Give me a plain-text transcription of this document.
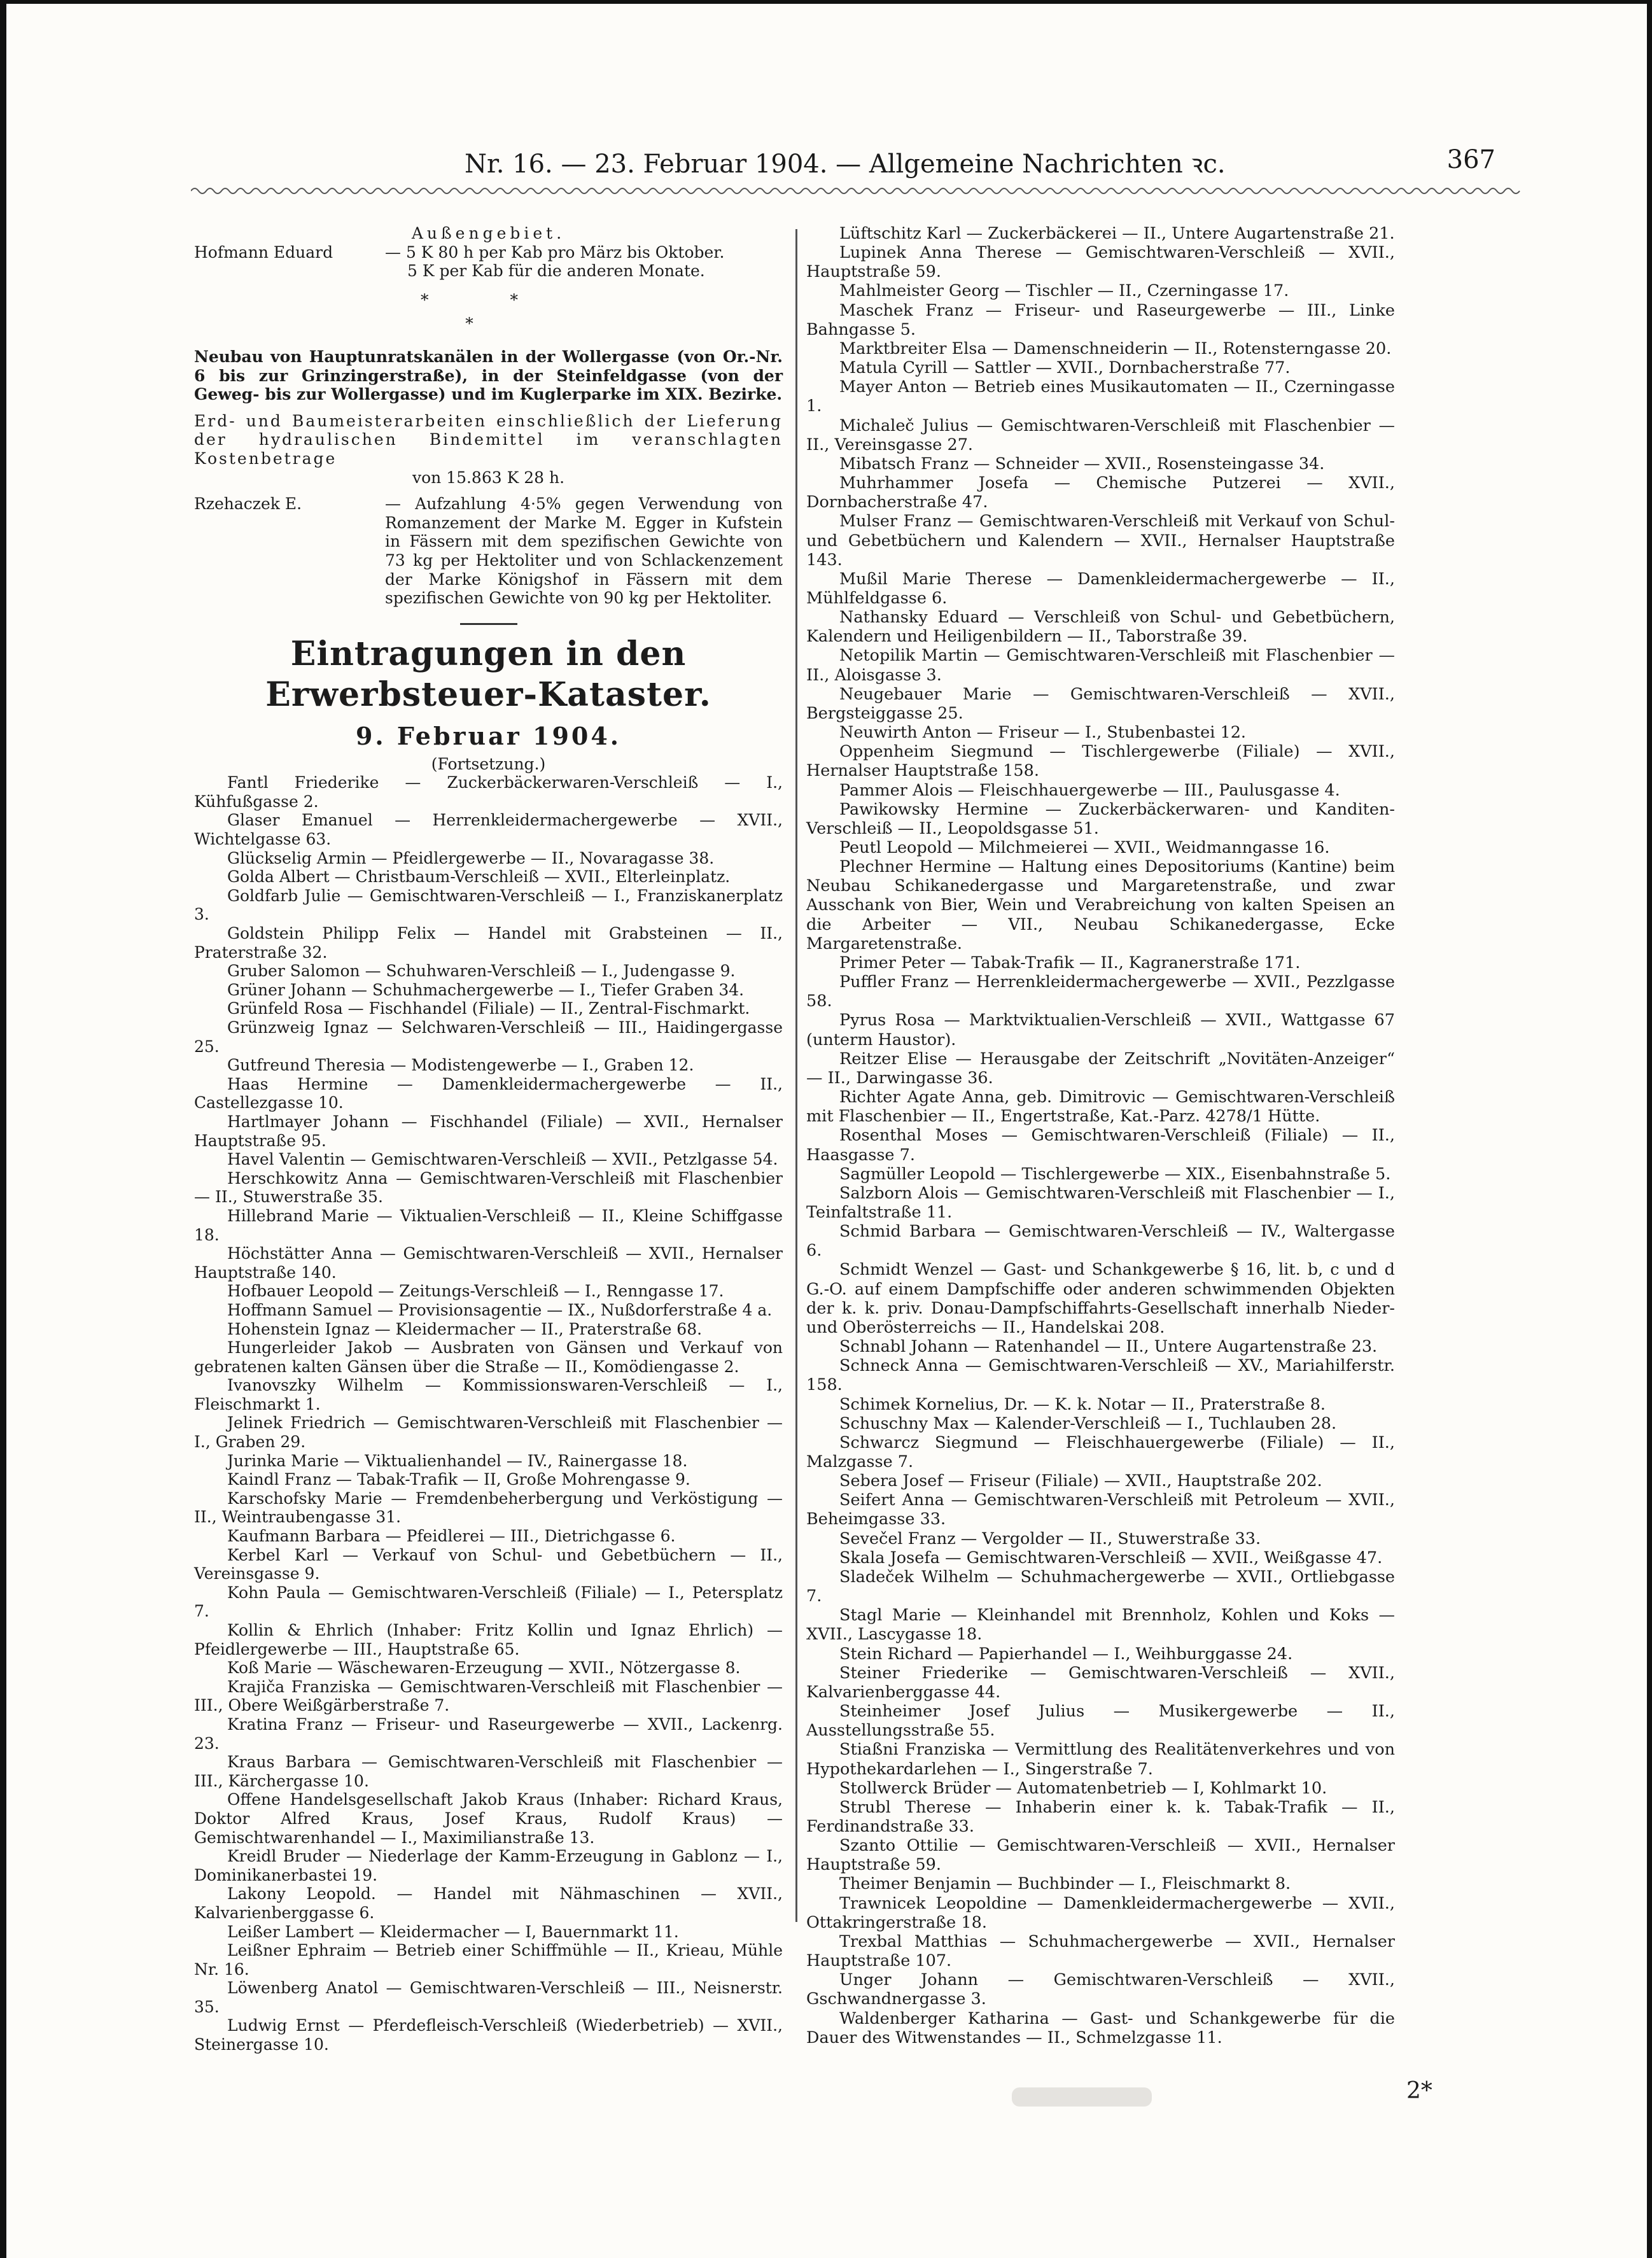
Nr. 16. — 23. Februar 1904. — Allgemeine Nachrichten ꝛc.	367
Außengebiet.
Hofmann Eduard	— 5 K 80 h per Kab pro März bis Oktober.
5 K per Kab für die anderen Monate.
* *
*
Neubau von Hauptunratskanälen in der Wollergasse (von Or.-Nr. 6 bis zur Grinzingerstraße), in der Steinfeldgasse (von der Geweg- bis zur Wollergasse) und im Kuglerparke im XIX. Bezirke.
Erd- und Baumeisterarbeiten einschließlich der Lieferung der hydraulischen Bindemittel im veranschlagten Kostenbetrage
von 15.863 K 28 h.
Rzehaczek E.	— Aufzahlung 4·5% gegen Verwendung von Romanzement der Marke M. Egger in Kufstein in Fässern mit dem spezifischen Gewichte von 73 kg per Hektoliter und von Schlackenzement der Marke Königshof in Fässern mit dem spezifischen Gewichte von 90 kg per Hektoliter.
Eintragungen in den Erwerbsteuer-Kataster.
9. Februar 1904.
(Fortsetzung.)
Fantl Friederike — Zuckerbäckerwaren-Verschleiß — I., Kühfußgasse 2.
Glaser Emanuel — Herrenkleidermachergewerbe — XVII., Wichtelgasse 63.
Glückselig Armin — Pfeidlergewerbe — II., Novaragasse 38.
Golda Albert — Christbaum-Verschleiß — XVII., Elterleinplatz.
Goldfarb Julie — Gemischtwaren-Verschleiß — I., Franziskanerplatz 3.
Goldstein Philipp Felix — Handel mit Grabsteinen — II., Praterstraße 32.
Gruber Salomon — Schuhwaren-Verschleiß — I., Judengasse 9.
Grüner Johann — Schuhmachergewerbe — I., Tiefer Graben 34.
Grünfeld Rosa — Fischhandel (Filiale) — II., Zentral-Fischmarkt.
Grünzweig Ignaz — Selchwaren-Verschleiß — III., Haidingergasse 25.
Gutfreund Theresia — Modistengewerbe — I., Graben 12.
Haas Hermine — Damenkleidermachergewerbe — II., Castellezgasse 10.
Hartlmayer Johann — Fischhandel (Filiale) — XVII., Hernalser Hauptstraße 95.
Havel Valentin — Gemischtwaren-Verschleiß — XVII., Petzlgasse 54.
Herschkowitz Anna — Gemischtwaren-Verschleiß mit Flaschenbier — II., Stuwerstraße 35.
Hillebrand Marie — Viktualien-Verschleiß — II., Kleine Schiffgasse 18.
Höchstätter Anna — Gemischtwaren-Verschleiß — XVII., Hernalser Hauptstraße 140.
Hofbauer Leopold — Zeitungs-Verschleiß — I., Renngasse 17.
Hoffmann Samuel — Provisionsagentie — IX., Nußdorferstraße 4 a.
Hohenstein Ignaz — Kleidermacher — II., Praterstraße 68.
Hungerleider Jakob — Ausbraten von Gänsen und Verkauf von gebratenen kalten Gänsen über die Straße — II., Komödiengasse 2.
Ivanovszky Wilhelm — Kommissionswaren-Verschleiß — I., Fleischmarkt 1.
Jelinek Friedrich — Gemischtwaren-Verschleiß mit Flaschenbier — I., Graben 29.
Jurinka Marie — Viktualienhandel — IV., Rainergasse 18.
Kaindl Franz — Tabak-Trafik — II, Große Mohrengasse 9.
Karschofsky Marie — Fremdenbeherbergung und Verköstigung — II., Weintraubengasse 31.
Kaufmann Barbara — Pfeidlerei — III., Dietrichgasse 6.
Kerbel Karl — Verkauf von Schul- und Gebetbüchern — II., Vereinsgasse 9.
Kohn Paula — Gemischtwaren-Verschleiß (Filiale) — I., Petersplatz 7.
Kollin & Ehrlich (Inhaber: Fritz Kollin und Ignaz Ehrlich) — Pfeidlergewerbe — III., Hauptstraße 65.
Koß Marie — Wäschewaren-Erzeugung — XVII., Nötzergasse 8.
Krajiča Franziska — Gemischtwaren-Verschleiß mit Flaschenbier — III., Obere Weißgärberstraße 7.
Kratina Franz — Friseur- und Raseurgewerbe — XVII., Lackenrg. 23.
Kraus Barbara — Gemischtwaren-Verschleiß mit Flaschenbier — III., Kärchergasse 10.
Offene Handelsgesellschaft Jakob Kraus (Inhaber: Richard Kraus, Doktor Alfred Kraus, Josef Kraus, Rudolf Kraus) — Gemischtwarenhandel — I., Maximilianstraße 13.
Kreidl Bruder — Niederlage der Kamm-Erzeugung in Gablonz — I., Dominikanerbastei 19.
Lakony Leopold. — Handel mit Nähmaschinen — XVII., Kalvarienberggasse 6.
Leißer Lambert — Kleidermacher — I, Bauernmarkt 11.
Leißner Ephraim — Betrieb einer Schiffmühle — II., Krieau, Mühle Nr. 16.
Löwenberg Anatol — Gemischtwaren-Verschleiß — III., Neisnerstr. 35.
Ludwig Ernst — Pferdefleisch-Verschleiß (Wiederbetrieb) — XVII., Steinergasse 10.
Lüftschitz Karl — Zuckerbäckerei — II., Untere Augartenstraße 21.
Lupinek Anna Therese — Gemischtwaren-Verschleiß — XVII., Hauptstraße 59.
Mahlmeister Georg — Tischler — II., Czerningasse 17.
Maschek Franz — Friseur- und Raseurgewerbe — III., Linke Bahngasse 5.
Marktbreiter Elsa — Damenschneiderin — II., Rotensterngasse 20.
Matula Cyrill — Sattler — XVII., Dornbacherstraße 77.
Mayer Anton — Betrieb eines Musikautomaten — II., Czerningasse 1.
Michaleč Julius — Gemischtwaren-Verschleiß mit Flaschenbier — II., Vereinsgasse 27.
Mibatsch Franz — Schneider — XVII., Rosensteingasse 34.
Muhrhammer Josefa — Chemische Putzerei — XVII., Dornbacherstraße 47.
Mulser Franz — Gemischtwaren-Verschleiß mit Verkauf von Schul- und Gebetbüchern und Kalendern — XVII., Hernalser Hauptstraße 143.
Mußil Marie Therese — Damenkleidermachergewerbe — II., Mühlfeldgasse 6.
Nathansky Eduard — Verschleiß von Schul- und Gebetbüchern, Kalendern und Heiligenbildern — II., Taborstraße 39.
Netopilik Martin — Gemischtwaren-Verschleiß mit Flaschenbier — II., Aloisgasse 3.
Neugebauer Marie — Gemischtwaren-Verschleiß — XVII., Bergsteiggasse 25.
Neuwirth Anton — Friseur — I., Stubenbastei 12.
Oppenheim Siegmund — Tischlergewerbe (Filiale) — XVII., Hernalser Hauptstraße 158.
Pammer Alois — Fleischhauergewerbe — III., Paulusgasse 4.
Pawikowsky Hermine — Zuckerbäckerwaren- und Kanditen-Verschleiß — II., Leopoldsgasse 51.
Peutl Leopold — Milchmeierei — XVII., Weidmanngasse 16.
Plechner Hermine — Haltung eines Depositoriums (Kantine) beim Neubau Schikanedergasse und Margaretenstraße, und zwar Ausschank von Bier, Wein und Verabreichung von kalten Speisen an die Arbeiter — VII., Neubau Schikanedergasse, Ecke Margaretenstraße.
Primer Peter — Tabak-Trafik — II., Kagranerstraße 171.
Puffler Franz — Herrenkleidermachergewerbe — XVII., Pezzlgasse 58.
Pyrus Rosa — Marktviktualien-Verschleiß — XVII., Wattgasse 67 (unterm Haustor).
Reitzer Elise — Herausgabe der Zeitschrift „Novitäten-Anzeiger“ — II., Darwingasse 36.
Richter Agate Anna, geb. Dimitrovic — Gemischtwaren-Verschleiß mit Flaschenbier — II., Engertstraße, Kat.-Parz. 4278/1 Hütte.
Rosenthal Moses — Gemischtwaren-Verschleiß (Filiale) — II., Haasgasse 7.
Sagmüller Leopold — Tischlergewerbe — XIX., Eisenbahnstraße 5.
Salzborn Alois — Gemischtwaren-Verschleiß mit Flaschenbier — I., Teinfaltstraße 11.
Schmid Barbara — Gemischtwaren-Verschleiß — IV., Waltergasse 6.
Schmidt Wenzel — Gast- und Schankgewerbe § 16, lit. b, c und d G.-O. auf einem Dampfschiffe oder anderen schwimmenden Objekten der k. k. priv. Donau-Dampfschiffahrts-Gesellschaft innerhalb Nieder- und Oberösterreichs — II., Handelskai 208.
Schnabl Johann — Ratenhandel — II., Untere Augartenstraße 23.
Schneck Anna — Gemischtwaren-Verschleiß — XV., Mariahilferstr. 158.
Schimek Kornelius, Dr. — K. k. Notar — II., Praterstraße 8.
Schuschny Max — Kalender-Verschleiß — I., Tuchlauben 28.
Schwarcz Siegmund — Fleischhauergewerbe (Filiale) — II., Malzgasse 7.
Sebera Josef — Friseur (Filiale) — XVII., Hauptstraße 202.
Seifert Anna — Gemischtwaren-Verschleiß mit Petroleum — XVII., Beheimgasse 33.
Sevečel Franz — Vergolder — II., Stuwerstraße 33.
Skala Josefa — Gemischtwaren-Verschleiß — XVII., Weißgasse 47.
Sladeček Wilhelm — Schuhmachergewerbe — XVII., Ortliebgasse 7.
Stagl Marie — Kleinhandel mit Brennholz, Kohlen und Koks — XVII., Lascygasse 18.
Stein Richard — Papierhandel — I., Weihburggasse 24.
Steiner Friederike — Gemischtwaren-Verschleiß — XVII., Kalvarienberggasse 44.
Steinheimer Josef Julius — Musikergewerbe — II., Ausstellungsstraße 55.
Stiaßni Franziska — Vermittlung des Realitätenverkehres und von Hypothekardarlehen — I., Singerstraße 7.
Stollwerck Brüder — Automatenbetrieb — I, Kohlmarkt 10.
Strubl Therese — Inhaberin einer k. k. Tabak-Trafik — II., Ferdinandstraße 33.
Szanto Ottilie — Gemischtwaren-Verschleiß — XVII., Hernalser Hauptstraße 59.
Theimer Benjamin — Buchbinder — I., Fleischmarkt 8.
Trawnicek Leopoldine — Damenkleidermachergewerbe — XVII., Ottakringerstraße 18.
Trexbal Matthias — Schuhmachergewerbe — XVII., Hernalser Hauptstraße 107.
Unger Johann — Gemischtwaren-Verschleiß — XVII., Gschwandnergasse 3.
Waldenberger Katharina — Gast- und Schankgewerbe für die Dauer des Witwenstandes — II., Schmelzgasse 11.
2*
